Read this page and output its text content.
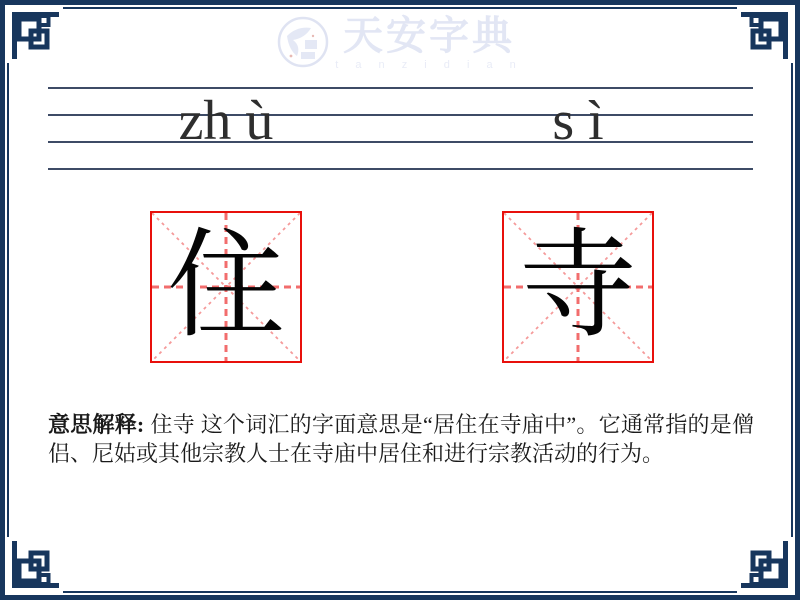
天安字典
t a n z i d i a n
zh ù	s ì
住 寺

意思解释: 住寺 这个词汇的字面意思是“居住在寺庙中”。它通常指的是僧侣、尼姑或其他宗教人士在寺庙中居住和进行宗教活动的行为。
